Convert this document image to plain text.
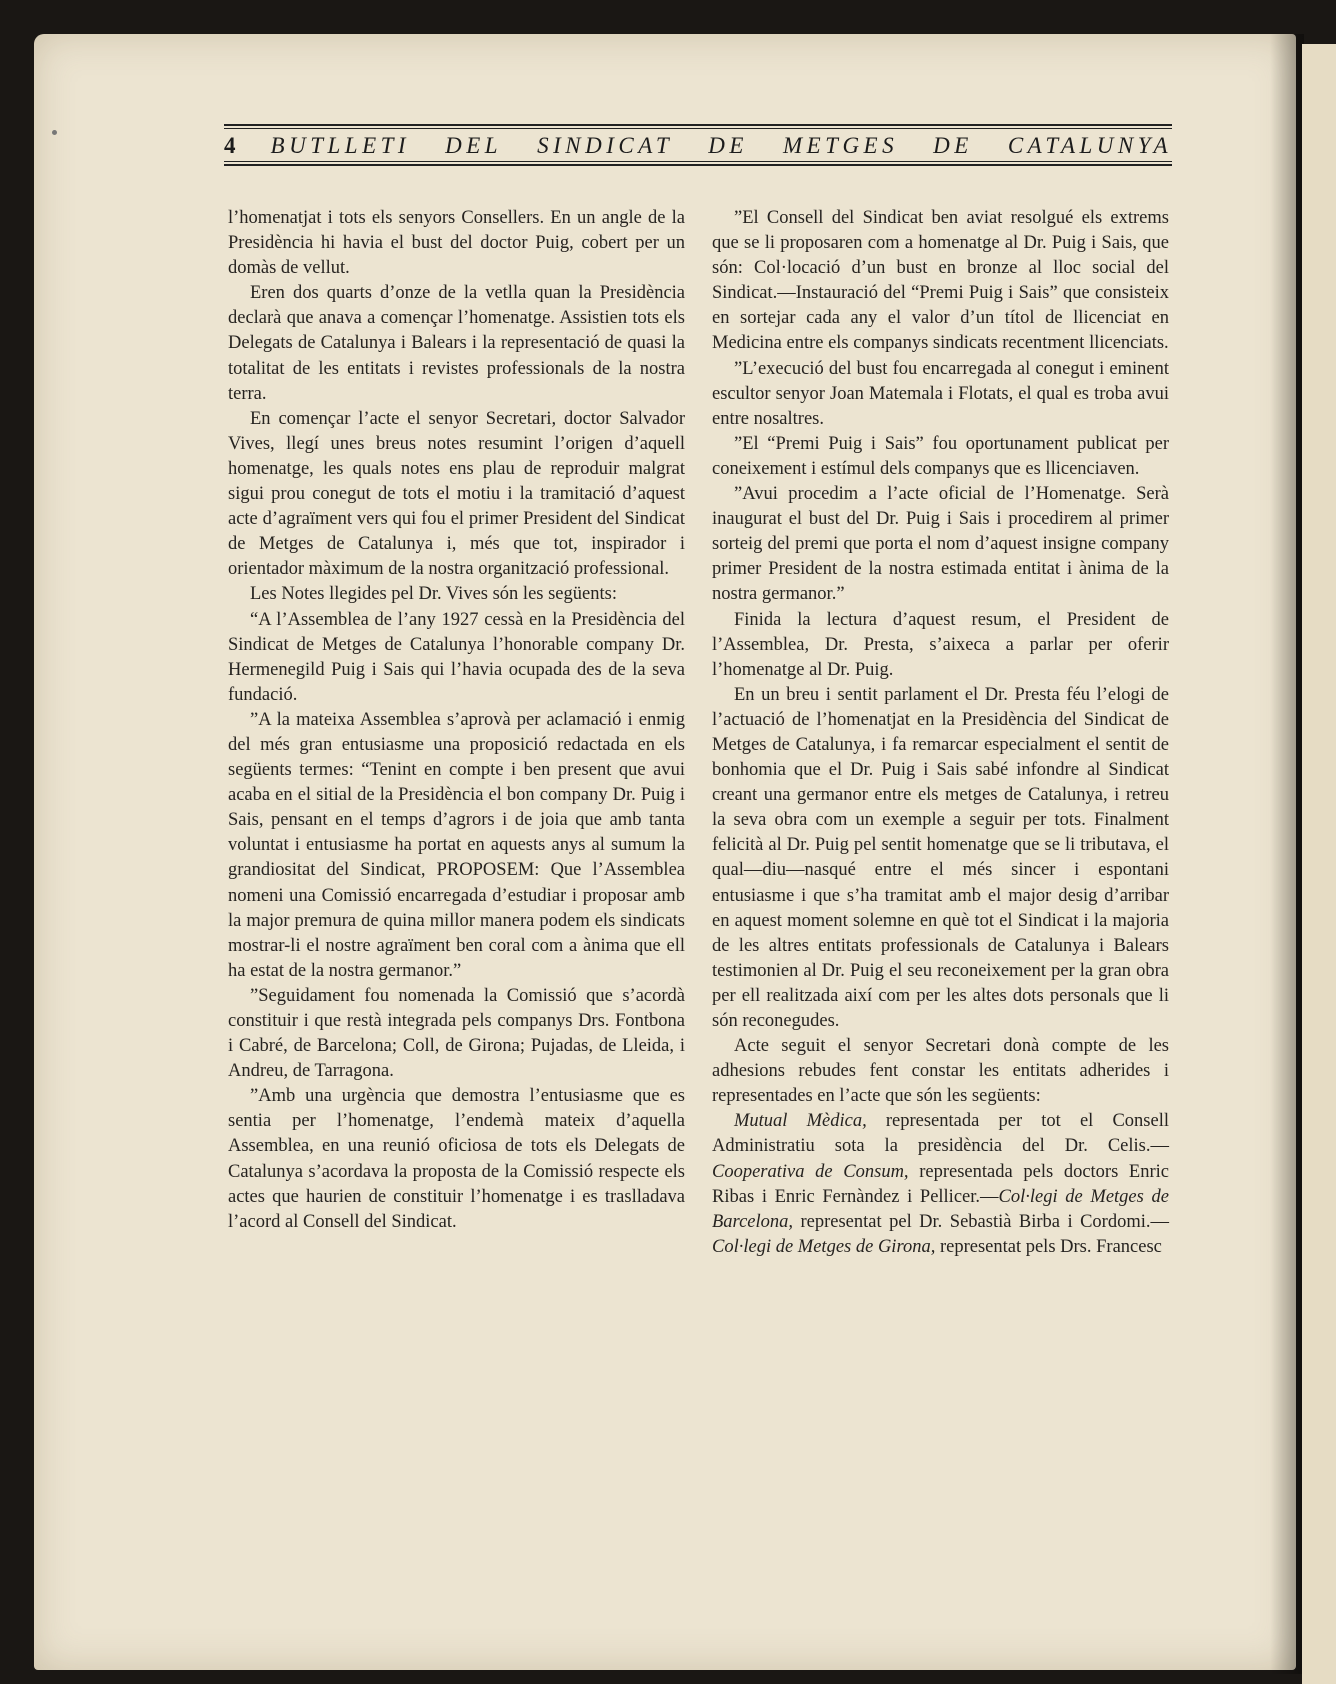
4 BUTLLETI DEL SINDICAT DE METGES DE CATALUNYA

l’homenatjat i tots els senyors Consellers. En un angle de la Presidència hi havia el bust del doctor Puig, cobert per un domàs de vellut.

Eren dos quarts d’onze de la vetlla quan la Presidència declarà que anava a començar l’homenatge. Assistien tots els Delegats de Catalunya i Balears i la representació de quasi la totalitat de les entitats i revistes professionals de la nostra terra.

En començar l’acte el senyor Secretari, doctor Salvador Vives, llegí unes breus notes resumint l’origen d’aquell homenatge, les quals notes ens plau de reproduir malgrat sigui prou conegut de tots el motiu i la tramitació d’aquest acte d’agraïment vers qui fou el primer President del Sindicat de Metges de Catalunya i, més que tot, inspirador i orientador màximum de la nostra organització professional.

Les Notes llegides pel Dr. Vives són les següents:

“A l’Assemblea de l’any 1927 cessà en la Presidència del Sindicat de Metges de Catalunya l’honorable company Dr. Hermenegild Puig i Sais qui l’havia ocupada des de la seva fundació.

”A la mateixa Assemblea s’aprovà per aclamació i enmig del més gran entusiasme una proposició redactada en els següents termes: “Tenint en compte i ben present que avui acaba en el sitial de la Presidència el bon company Dr. Puig i Sais, pensant en el temps d’agrors i de joia que amb tanta voluntat i entusiasme ha portat en aquests anys al sumum la grandiositat del Sindicat, PROPOSEM: Que l’Assemblea nomeni una Comissió encarregada d’estudiar i proposar amb la major premura de quina millor manera podem els sindicats mostrar-li el nostre agraïment ben coral com a ànima que ell ha estat de la nostra germanor.”

”Seguidament fou nomenada la Comissió que s’acordà constituir i que restà integrada pels companys Drs. Fontbona i Cabré, de Barcelona; Coll, de Girona; Pujadas, de Lleida, i Andreu, de Tarragona.

”Amb una urgència que demostra l’entusiasme que es sentia per l’homenatge, l’endemà mateix d’aquella Assemblea, en una reunió oficiosa de tots els Delegats de Catalunya s’acordava la proposta de la Comissió respecte els actes que haurien de constituir l’homenatge i es traslladava l’acord al Consell del Sindicat.

”El Consell del Sindicat ben aviat resolgué els extrems que se li proposaren com a homenatge al Dr. Puig i Sais, que són: Col·locació d’un bust en bronze al lloc social del Sindicat.—Instauració del “Premi Puig i Sais” que consisteix en sortejar cada any el valor d’un títol de llicenciat en Medicina entre els companys sindicats recentment llicenciats.

”L’execució del bust fou encarregada al conegut i eminent escultor senyor Joan Matemala i Flotats, el qual es troba avui entre nosaltres.

”El “Premi Puig i Sais” fou oportunament publicat per coneixement i estímul dels companys que es llicenciaven.

”Avui procedim a l’acte oficial de l’Homenatge. Serà inaugurat el bust del Dr. Puig i Sais i procedirem al primer sorteig del premi que porta el nom d’aquest insigne company primer President de la nostra estimada entitat i ànima de la nostra germanor.”

Finida la lectura d’aquest resum, el President de l’Assemblea, Dr. Presta, s’aixeca a parlar per oferir l’homenatge al Dr. Puig.

En un breu i sentit parlament el Dr. Presta féu l’elogi de l’actuació de l’homenatjat en la Presidència del Sindicat de Metges de Catalunya, i fa remarcar especialment el sentit de bonhomia que el Dr. Puig i Sais sabé infondre al Sindicat creant una germanor entre els metges de Catalunya, i retreu la seva obra com un exemple a seguir per tots. Finalment felicità al Dr. Puig pel sentit homenatge que se li tributava, el qual—diu—nasqué entre el més sincer i espontani entusiasme i que s’ha tramitat amb el major desig d’arribar en aquest moment solemne en què tot el Sindicat i la majoria de les altres entitats professionals de Catalunya i Balears testimonien al Dr. Puig el seu reconeixement per la gran obra per ell realitzada així com per les altes dots personals que li són reconegudes.

Acte seguit el senyor Secretari donà compte de les adhesions rebudes fent constar les entitats adherides i representades en l’acte que són les següents:

Mutual Mèdica, representada per tot el Consell Administratiu sota la presidència del Dr. Celis.—Cooperativa de Consum, representada pels doctors Enric Ribas i Enric Fernàndez i Pellicer.—Col·legi de Metges de Barcelona, representat pel Dr. Sebastià Birba i Cordomi.—Col·legi de Metges de Girona, representat pels Drs. Francesc
